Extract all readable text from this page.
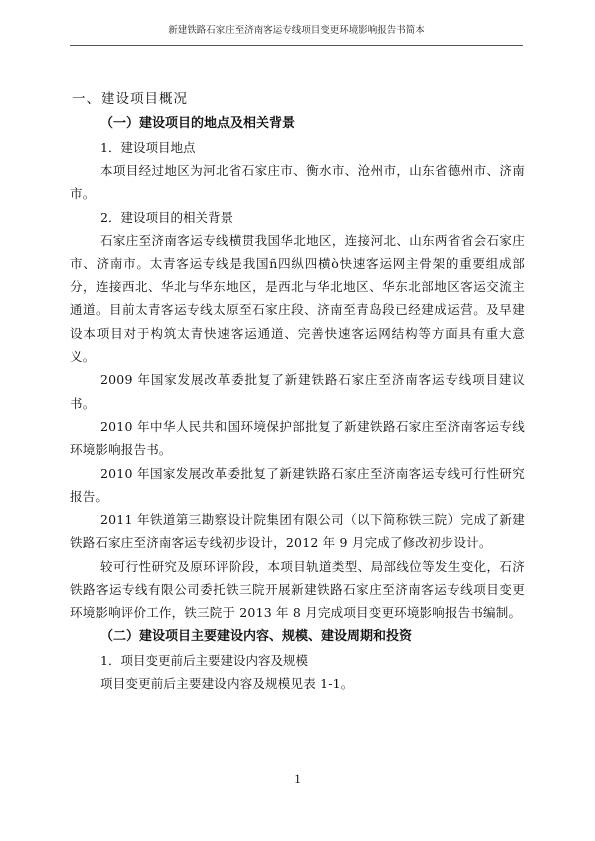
新建铁路石家庄至济南客运专线项目变更环境影响报告书简本
一、建设项目概况
（一）建设项目的地点及相关背景
1．建设项目地点

本项目经过地区为河北省石家庄市、衡水市、沧州市，山东省德州市、济南市。

2．建设项目的相关背景

石家庄至济南客运专线横贯我国华北地区，连接河北、山东两省省会石家庄市、济南市。太青客运专线是我国ñ四纵四横ò快速客运网主骨架的重要组成部分，连接西北、华北与华东地区，是西北与华北地区、华东北部地区客运交流主通道。目前太青客运专线太原至石家庄段、济南至青岛段已经建成运营。及早建设本项目对于构筑太青快速客运通道、完善快速客运网结构等方面具有重大意义。

2009 年国家发展改革委批复了新建铁路石家庄至济南客运专线项目建议书。

2010 年中华人民共和国环境保护部批复了新建铁路石家庄至济南客运专线环境影响报告书。

2010 年国家发展改革委批复了新建铁路石家庄至济南客运专线可行性研究报告。

2011 年铁道第三勘察设计院集团有限公司（以下简称铁三院）完成了新建铁路石家庄至济南客运专线初步设计，2012 年 9 月完成了修改初步设计。

较可行性研究及原环评阶段，本项目轨道类型、局部线位等发生变化，石济铁路客运专线有限公司委托铁三院开展新建铁路石家庄至济南客运专线项目变更环境影响评价工作，铁三院于 2013 年 8 月完成项目变更环境影响报告书编制。

（二）建设项目主要建设内容、规模、建设周期和投资
1．项目变更前后主要建设内容及规模

项目变更前后主要建设内容及规模见表 1-1。

1
